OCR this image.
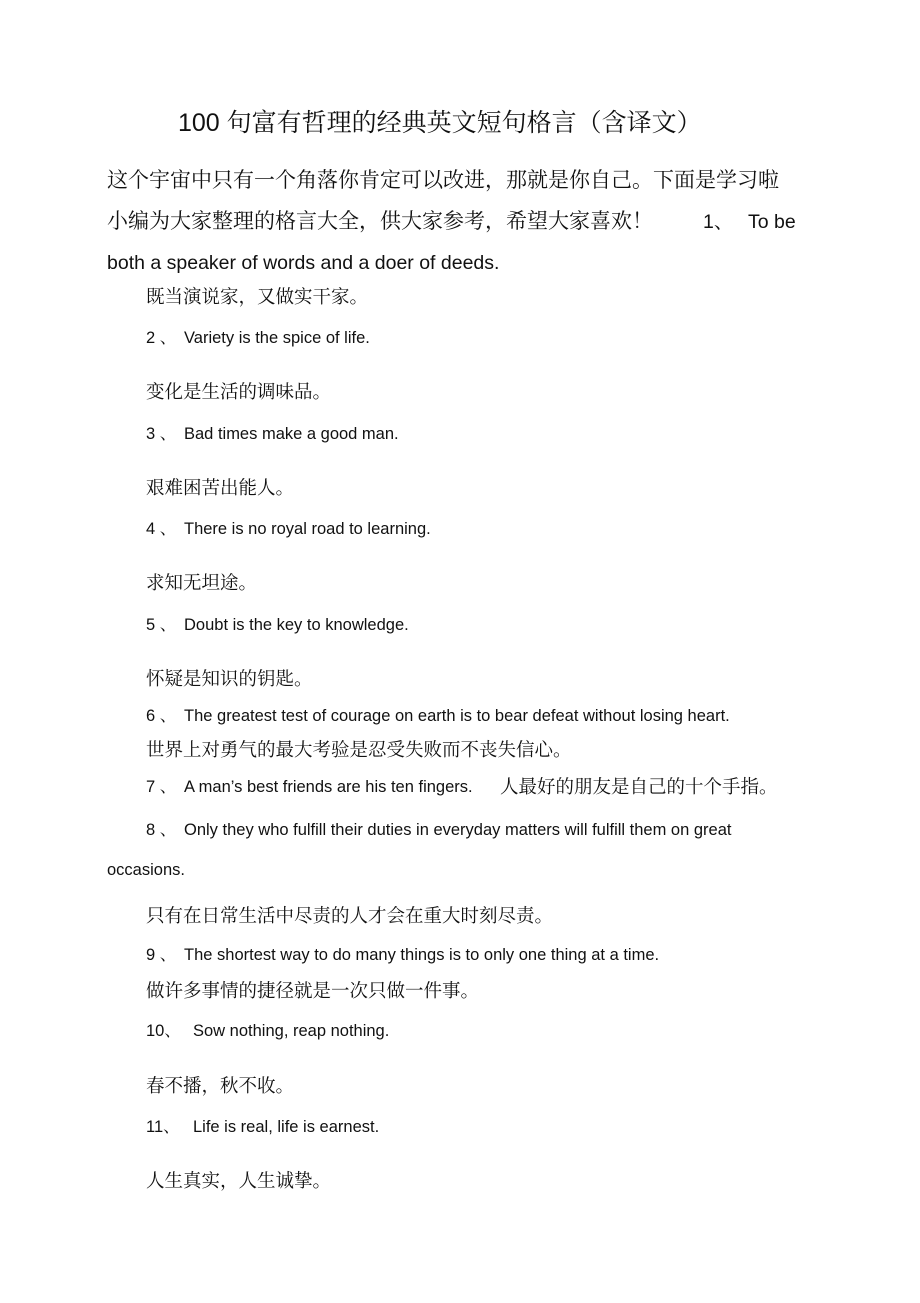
100 句富有哲理的经典英文短句格言（含译文）
这个宇宙中只有一个角落你肯定可以改进，那就是你自己。下面是学习啦
小编为大家整理的格言大全，供大家参考，希望大家喜欢！	1、 To be
both a speaker of words and a doer of deeds.
既当演说家，又做实干家。
2 、 Variety is the spice of life.
变化是生活的调味品。
3 、 Bad times make a good man.
艰难困苦出能人。
4 、 There is no royal road to learning.
求知无坦途。
5 、 Doubt is the key to knowledge.
怀疑是知识的钥匙。
6 、 The greatest test of courage on earth is to bear defeat without losing heart.
世界上对勇气的最大考验是忍受失败而不丧失信心。
7 、 A man’s best friends are his ten fingers. 人最好的朋友是自己的十个手指。
8 、 Only they who fulfill their duties in everyday matters will fulfill them on great
occasions.
只有在日常生活中尽责的人才会在重大时刻尽责。
9 、 The shortest way to do many things is to only one thing at a time.
做许多事情的捷径就是一次只做一件事。
10、 Sow nothing, reap nothing.
春不播，秋不收。
11、 Life is real, life is earnest.
人生真实，人生诚挚。
